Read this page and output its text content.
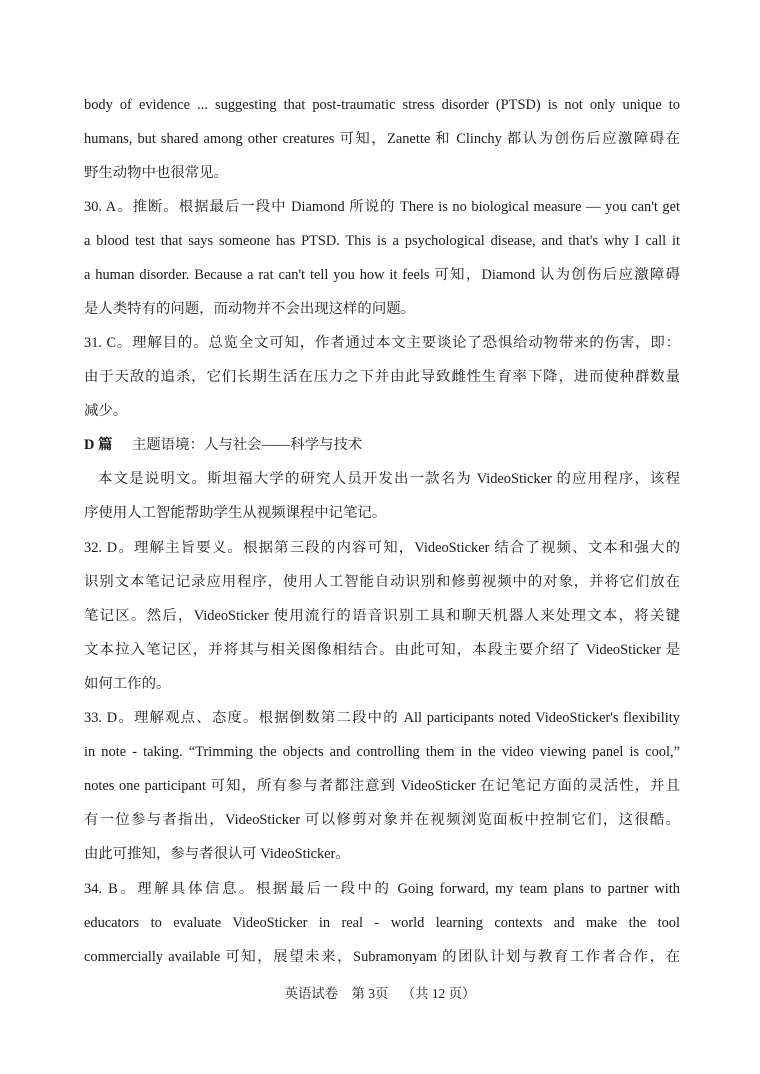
body of evidence ... suggesting that post-traumatic stress disorder (PTSD) is not only unique to
humans, but shared among other creatures 可知，Zanette 和 Clinchy 都认为创伤后应激障碍在
野生动物中也很常见。
30. A。推断。根据最后一段中 Diamond 所说的 There is no biological measure — you can't get
a blood test that says someone has PTSD. This is a psychological disease, and that's why I call it
a human disorder. Because a rat can't tell you how it feels 可知，Diamond 认为创伤后应激障碍
是人类特有的问题，而动物并不会出现这样的问题。
31. C。理解目的。总览全文可知，作者通过本文主要谈论了恐惧给动物带来的伤害，即：
由于天敌的追杀，它们长期生活在压力之下并由此导致雌性生育率下降，进而使种群数量
减少。
D 篇	主题语境：人与社会——科学与技术
本文是说明文。斯坦福大学的研究人员开发出一款名为 VideoSticker 的应用程序，该程
序使用人工智能帮助学生从视频课程中记笔记。
32. D。理解主旨要义。根据第三段的内容可知，VideoSticker 结合了视频、文本和强大的
识别文本笔记记录应用程序，使用人工智能自动识别和修剪视频中的对象，并将它们放在
笔记区。然后，VideoSticker 使用流行的语音识别工具和聊天机器人来处理文本，将关键
文本拉入笔记区，并将其与相关图像相结合。由此可知，本段主要介绍了 VideoSticker 是
如何工作的。
33. D。理解观点、态度。根据倒数第二段中的 All participants noted VideoSticker's flexibility
in note - taking. “Trimming the objects and controlling them in the video viewing panel is cool,”
notes one participant 可知，所有参与者都注意到 VideoSticker 在记笔记方面的灵活性，并且
有一位参与者指出，VideoSticker 可以修剪对象并在视频浏览面板中控制它们，这很酷。
由此可推知，参与者很认可 VideoSticker。
34. B。理解具体信息。根据最后一段中的 Going forward, my team plans to partner with
educators to evaluate VideoSticker in real - world learning contexts and make the tool
commercially available 可知，展望未来，Subramonyam 的团队计划与教育工作者合作，在
英语试卷 第 3页 （共 12 页）
